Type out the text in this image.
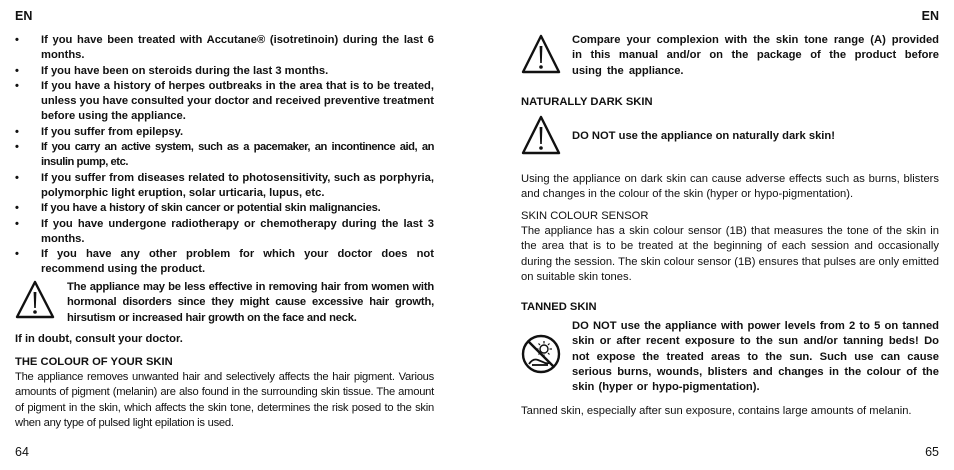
EN
• If you have been treated with Accutane® (isotretinoin) during the last 6 months.
• If you have been on steroids during the last 3 months.
• If you have a history of herpes outbreaks in the area that is to be treated, unless you have consulted your doctor and received preventive treatment before using the appliance.
• If you suffer from epilepsy.
• If you carry an active system, such as a pacemaker, an incontinence aid, an insulin pump, etc.
• If you suffer from diseases related to photosensitivity, such as porphyria, polymorphic light eruption, solar urticaria, lupus, etc.
• If you have a history of skin cancer or potential skin malignancies.
• If you have undergone radiotherapy or chemotherapy during the last 3 months.
• If you have any other problem for which your doctor does not recommend using the product.
The appliance may be less effective in removing hair from women with hormonal disorders since they might cause excessive hair growth, hirsutism or increased hair growth on the face and neck.

If in doubt, consult your doctor.

THE COLOUR OF YOUR SKIN

The appliance removes unwanted hair and selectively affects the hair pigment. Various amounts of pigment (melanin) are also found in the surrounding skin tissue. The amount of pigment in the skin, which affects the skin tone, determines the risk posed to the skin when any type of pulsed light epilation is used.

64
EN
Compare your complexion with the skin tone range (A) provided in this manual and/or on the package of the product before using the appliance.
NATURALLY DARK SKIN
DO NOT use the appliance on naturally dark skin!

Using the appliance on dark skin can cause adverse effects such as burns, blisters and changes in the colour of the skin (hyper or hypo-pigmentation).

SKIN COLOUR SENSOR

The appliance has a skin colour sensor (1B) that measures the tone of the skin in the area that is to be treated at the beginning of each session and occasionally during the session. The skin colour sensor (1B) ensures that pulses are only emitted on suitable skin tones.

TANNED SKIN
DO NOT use the appliance with power levels from 2 to 5 on tanned skin or after recent exposure to the sun and/or tanning beds! Do not expose the treated areas to the sun. Such use can cause serious burns, wounds, blisters and changes in the colour of the skin (hyper or hypo-pigmentation).

Tanned skin, especially after sun exposure, contains large amounts of melanin.

65
